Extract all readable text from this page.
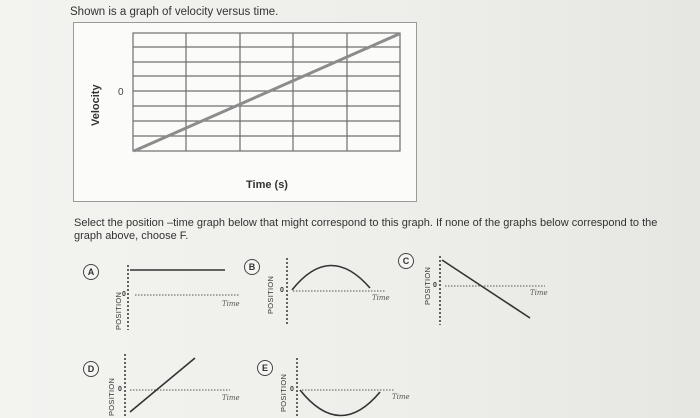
Shown is a graph of velocity versus time.
Velocity 0
Time (s)
Select the position –time graph below that might correspond to this graph. If none of the graphs below correspond to the graph above, choose F.
A
POSITION 0
Time
B
POSITION 0
Time
C
POSITION 0
Time
D
POSITION 0
Time
E
POSITION 0
Time
